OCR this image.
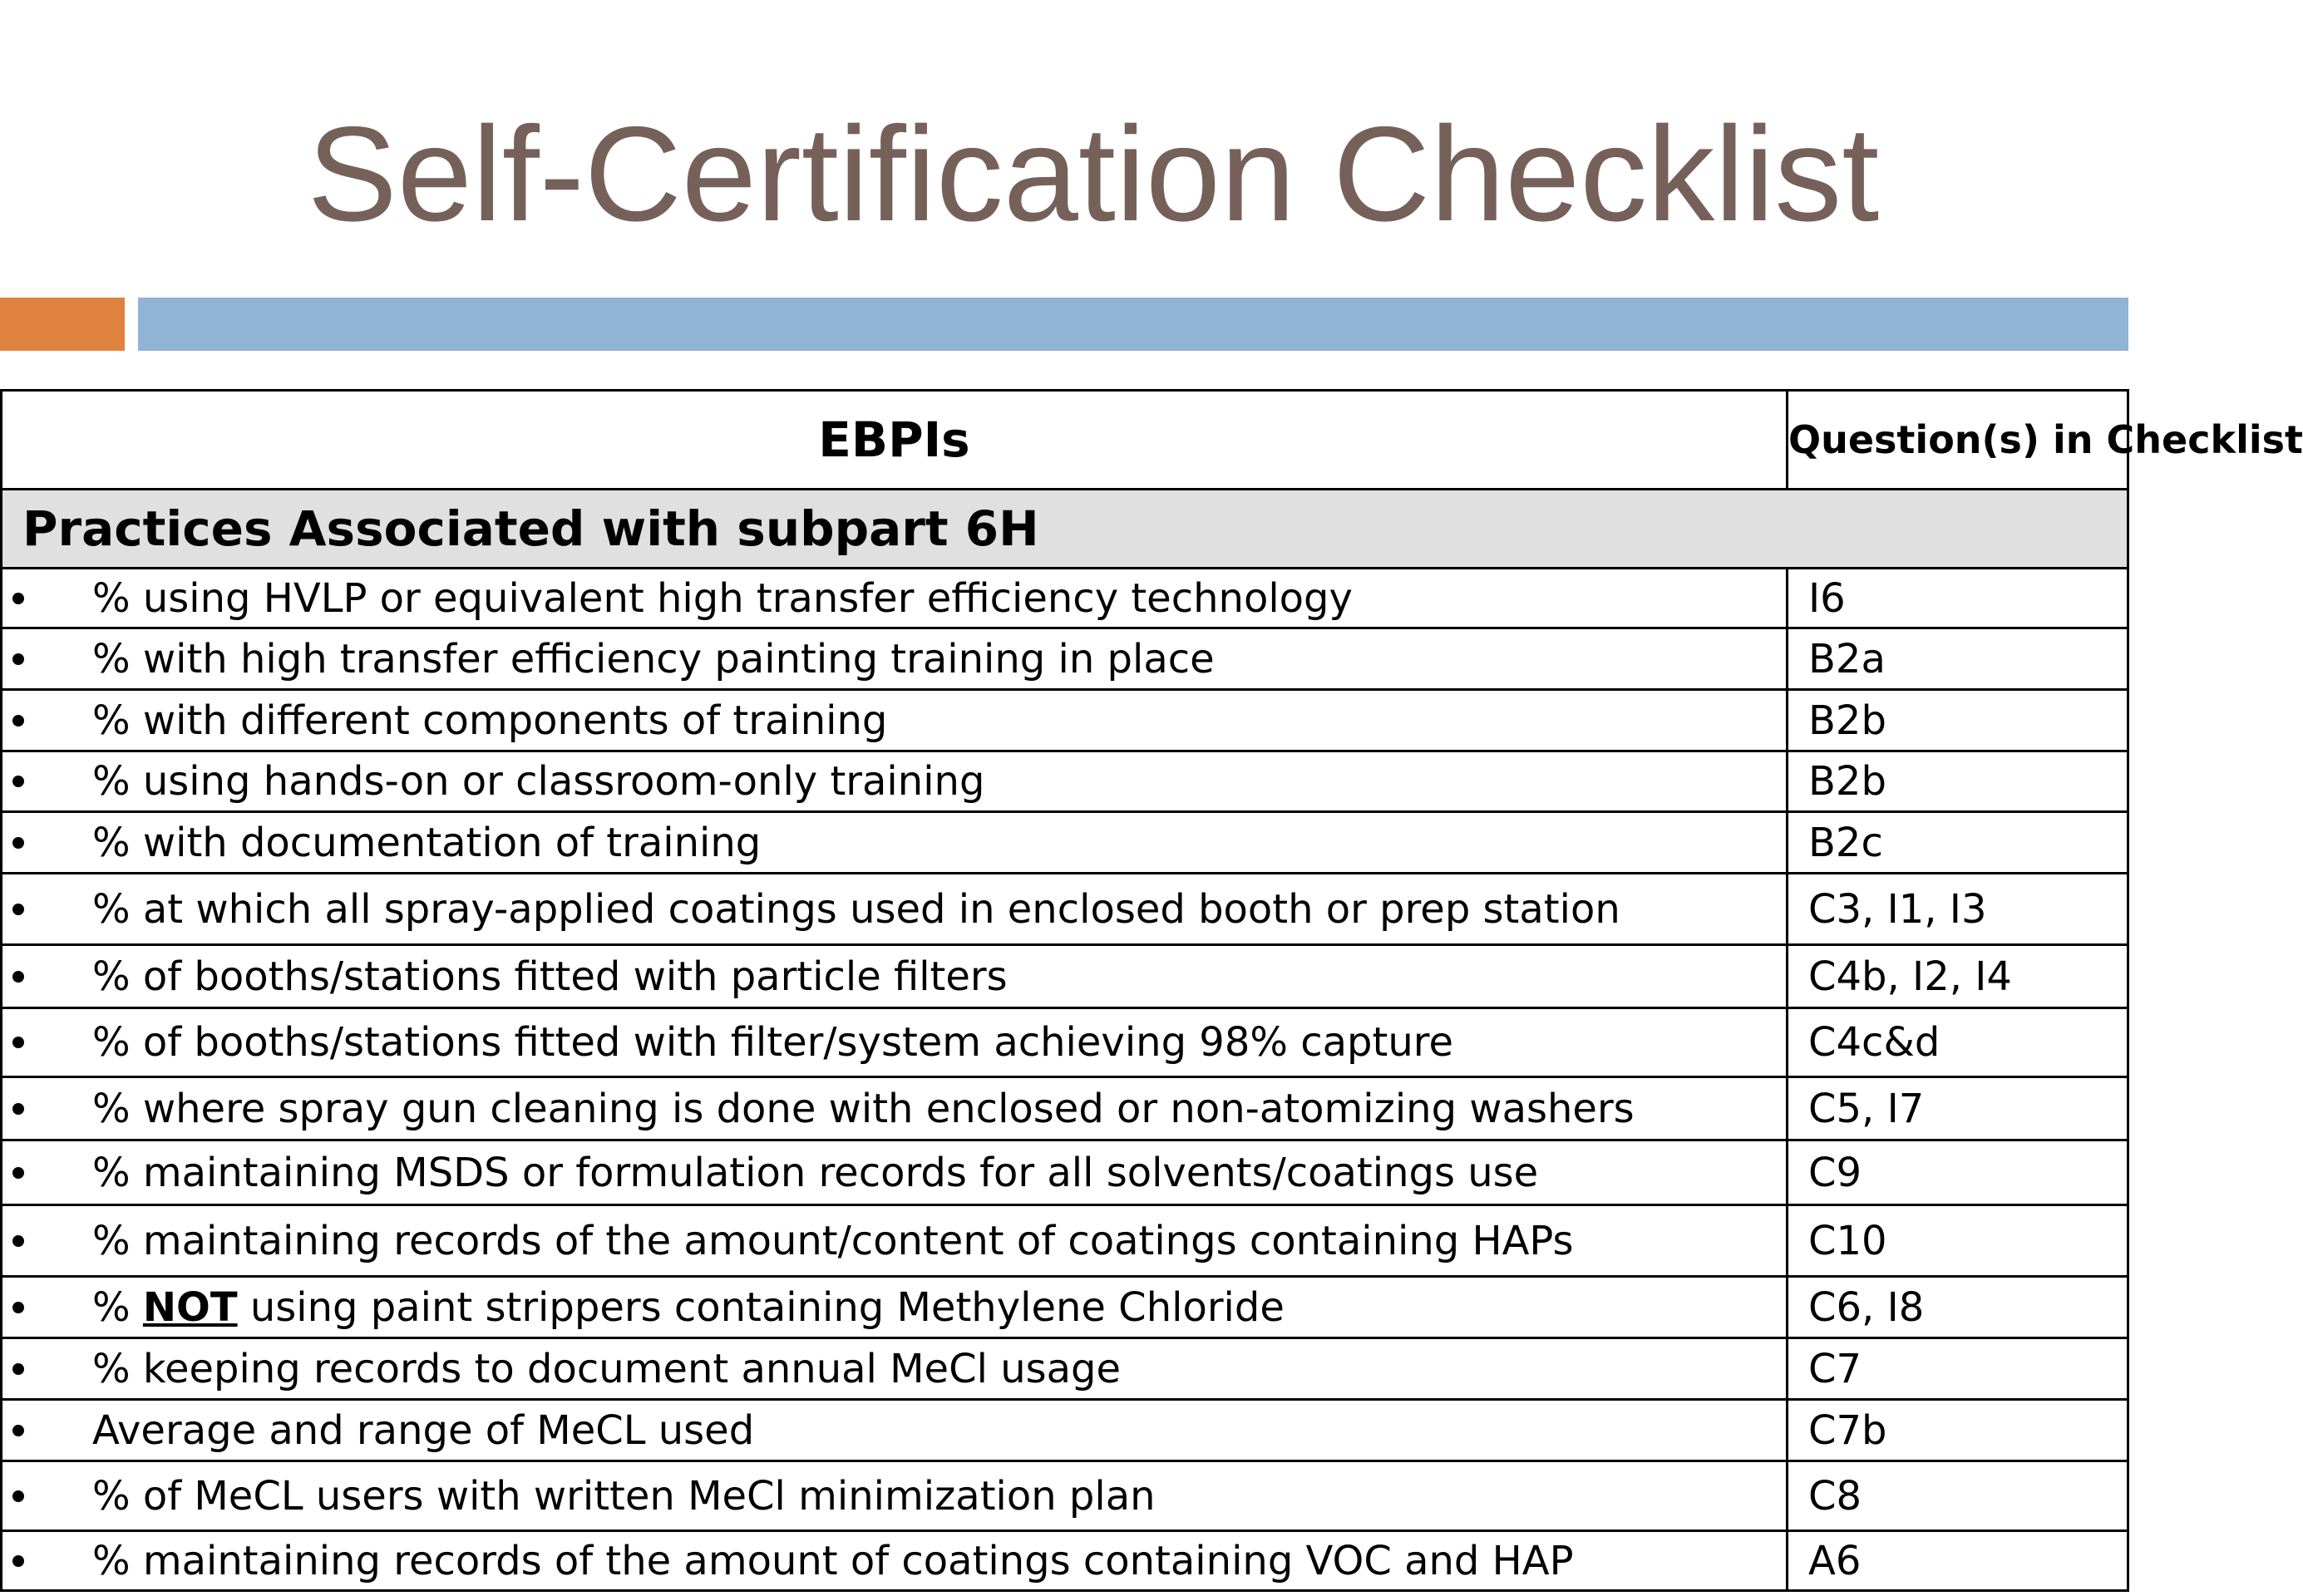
Self-Certification Checklist
EBPIs	Question(s) in Checklist
Practices Associated with subpart 6H	

% using HVLP or equivalent high transfer efficiency technology	I6

% with high transfer efficiency painting training in place	B2a

% with different components of training	B2b

% using hands-on or classroom-only training	B2b

% with documentation of training	B2c

% at which all spray-applied coatings used in enclosed booth or prep station	C3, I1, I3

% of booths/stations fitted with particle filters	C4b, I2, I4

% of booths/stations fitted with filter/system achieving 98% capture	C4c&d

% where spray gun cleaning is done with enclosed or non-atomizing washers	C5, I7

% maintaining MSDS or formulation records for all solvents/coatings use	C9

% maintaining records of the amount/content of coatings containing HAPs	C10

% NOT using paint strippers containing Methylene Chloride	C6, I8

% keeping records to document annual MeCl usage	C7

Average and range of MeCL used	C7b

% of MeCL users with written MeCl minimization plan	C8

% maintaining records of the amount of coatings containing VOC and HAP	A6
